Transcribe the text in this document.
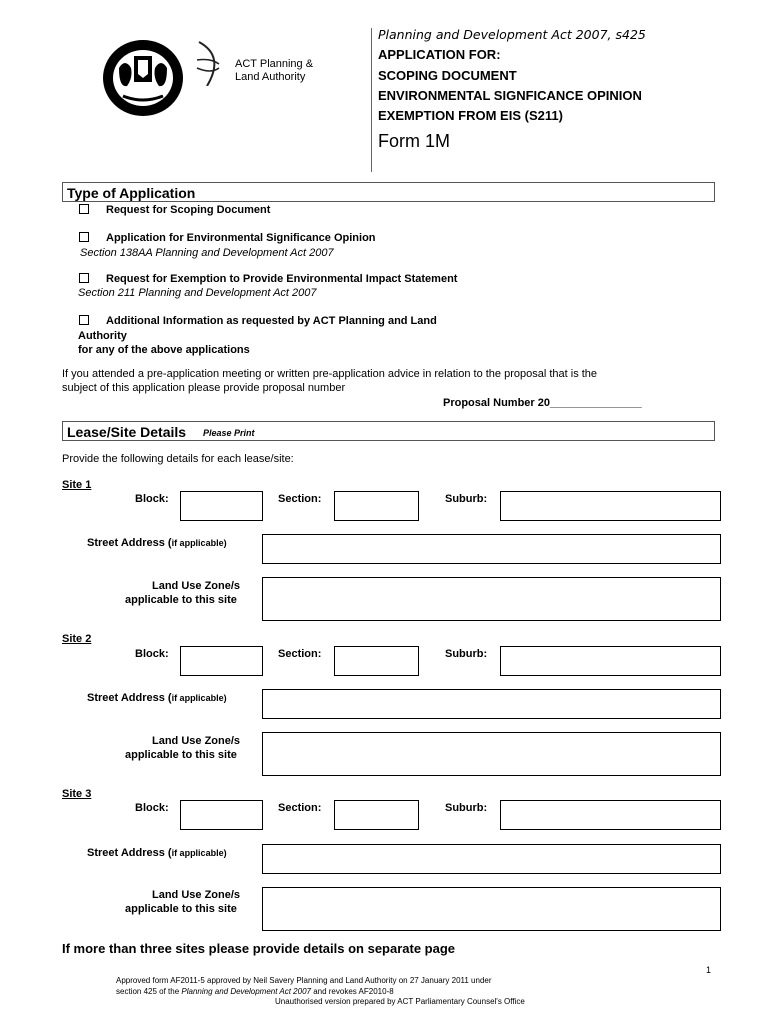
ACT Planning &
Land Authority
Planning and Development Act 2007, s425
APPLICATION FOR:
SCOPING DOCUMENT
ENVIRONMENTAL SIGNFICANCE OPINION
EXEMPTION FROM EIS (S211)
Form 1M
Type of Application
Request for Scoping Document
Application for Environmental Significance Opinion
Section 138AA Planning and Development Act 2007
Request for Exemption to Provide Environmental Impact Statement
Section 211 Planning and Development Act 2007
Additional Information as requested by ACT Planning and Land
Authority
for any of the above applications
If you attended a pre-application meeting or written pre-application advice in relation to the proposal that is the
subject of this application please provide proposal number
Proposal Number 20_______________
Lease/Site Details Please Print
Provide the following details for each lease/site:
Site 1
Block:	Section:	Suburb:
Street Address (if applicable)
Land Use Zone/s
applicable to this site
Site 2
Block:	Section:	Suburb:
Street Address (if applicable)
Land Use Zone/s
applicable to this site
Site 3
Block:	Section:	Suburb:
Street Address (if applicable)
Land Use Zone/s
applicable to this site
If more than three sites please provide details on separate page
1
Approved form AF2011-5 approved by Neil Savery Planning and Land Authority on 27 January 2011 under
section 425 of the Planning and Development Act 2007 and revokes AF2010-8
Unauthorised version prepared by ACT Parliamentary Counsel's Office
